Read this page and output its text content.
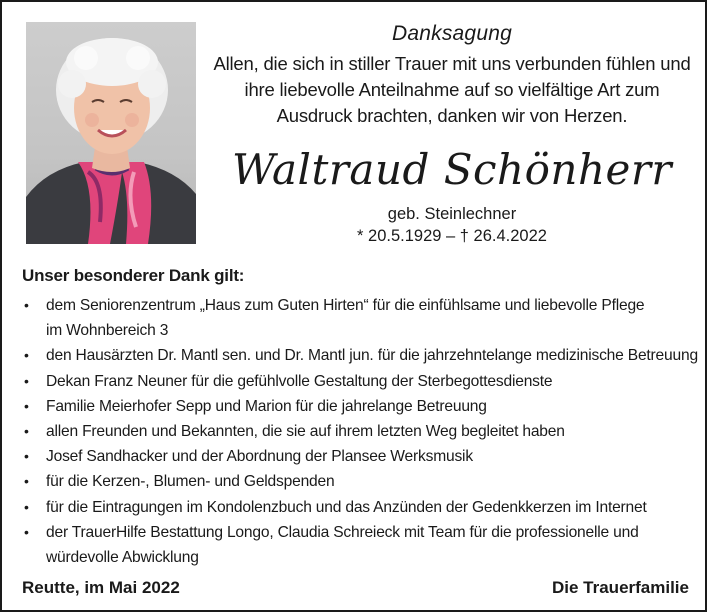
Danksagung
Allen, die sich in stiller Trauer mit uns verbunden fühlen und
ihre liebevolle Anteilnahme auf so vielfältige Art zum
Ausdruck brachten, danken wir von Herzen.
Waltraud Schönherr
geb. Steinlechner
* 20.5.1929 – † 26.4.2022
Unser besonderer Dank gilt:
• dem Seniorenzentrum „Haus zum Guten Hirten“ für die einfühlsame und liebevolle Pflege
im Wohnbereich 3
• den Hausärzten Dr. Mantl sen. und Dr. Mantl jun. für die jahrzehntelange medizinische Betreuung
• Dekan Franz Neuner für die gefühlvolle Gestaltung der Sterbegottesdienste
• Familie Meierhofer Sepp und Marion für die jahrelange Betreuung
• allen Freunden und Bekannten, die sie auf ihrem letzten Weg begleitet haben
• Josef Sandhacker und der Abordnung der Plansee Werksmusik
• für die Kerzen-, Blumen- und Geldspenden
• für die Eintragungen im Kondolenzbuch und das Anzünden der Gedenkkerzen im Internet
• der TrauerHilfe Bestattung Longo, Claudia Schreieck mit Team für die professionelle und
würdevolle Abwicklung
Reutte, im Mai 2022	Die Trauerfamilie
